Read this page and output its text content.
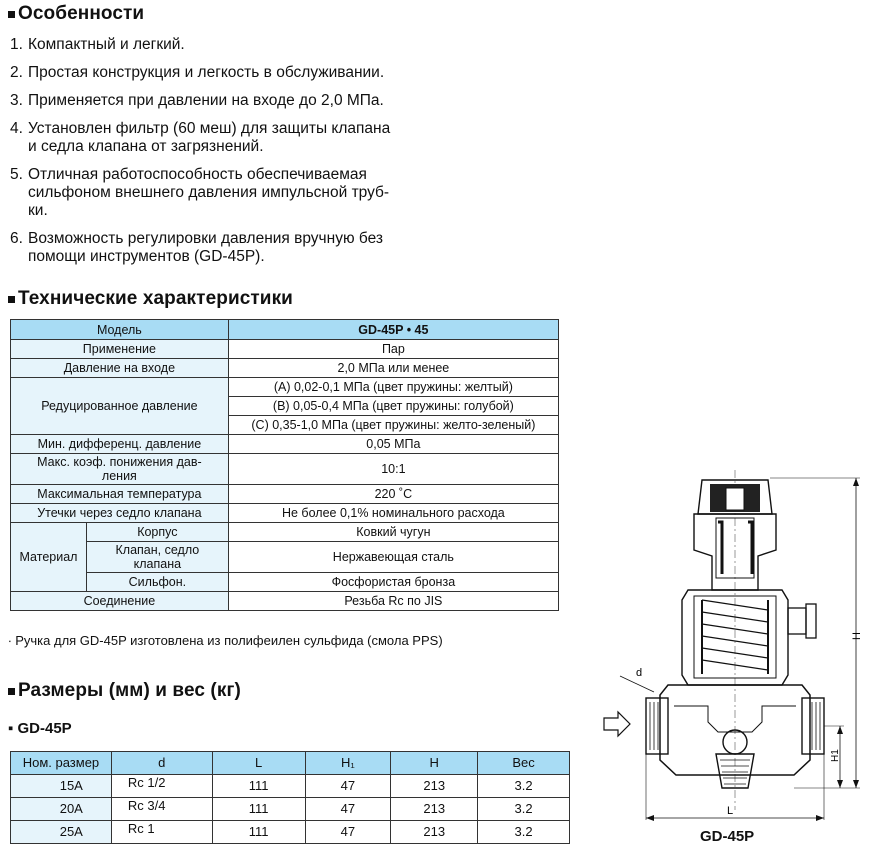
Особенности
1. Компактный и легкий.
2. Простая конструкция и легкость в обслуживании.
3. Применяется при давлении на входе до 2,0 МПа.
4. Установлен фильтр (60 меш) для защиты клапана
и седла клапана от загрязнений.
5. Отличная работоспособность обеспечиваемая
сильфоном внешнего давления импульсной труб-
ки.
6. Возможность регулировки давления вручную без
помощи инструментов (GD-45P).
Технические характеристики
Модель		GD-45P • 45
Применение		Пар
Давление на входе		2,0 МПа или менее
Редуцированное давление		(A) 0,02-0,1 МПа (цвет пружины: желтый)
		(B) 0,05-0,4 МПа (цвет пружины: голубой)
		(C) 0,35-1,0 МПа (цвет пружины: желто-зеленый)
Мин. дифференц. давление		0,05 МПа
Макс. коэф. понижения дав-ления		10:1
Максимальная температура		220 ˚C
Утечки через седло клапана		Не более 0,1% номинального расхода
Материал	Корпус	Ковкий чугун
	Клапан, седло клапана	Нержавеющая сталь
	Сильфон.	Фосфористая бронза
Соединение		Резьба Rc по JIS
∙ Ручка для GD-45P изготовлена из полифеилен сульфида (смола PPS)
Размеры (мм) и вес (кг)
▪ GD-45P
Ном. размер	d	L	H₁	H	Вес
15A	Rc 1/2	111	47	213	3.2
20A	Rc 3/4	111	47	213	3.2
25A	Rc 1	111	47	213	3.2
d
L
H
H1
GD-45P
